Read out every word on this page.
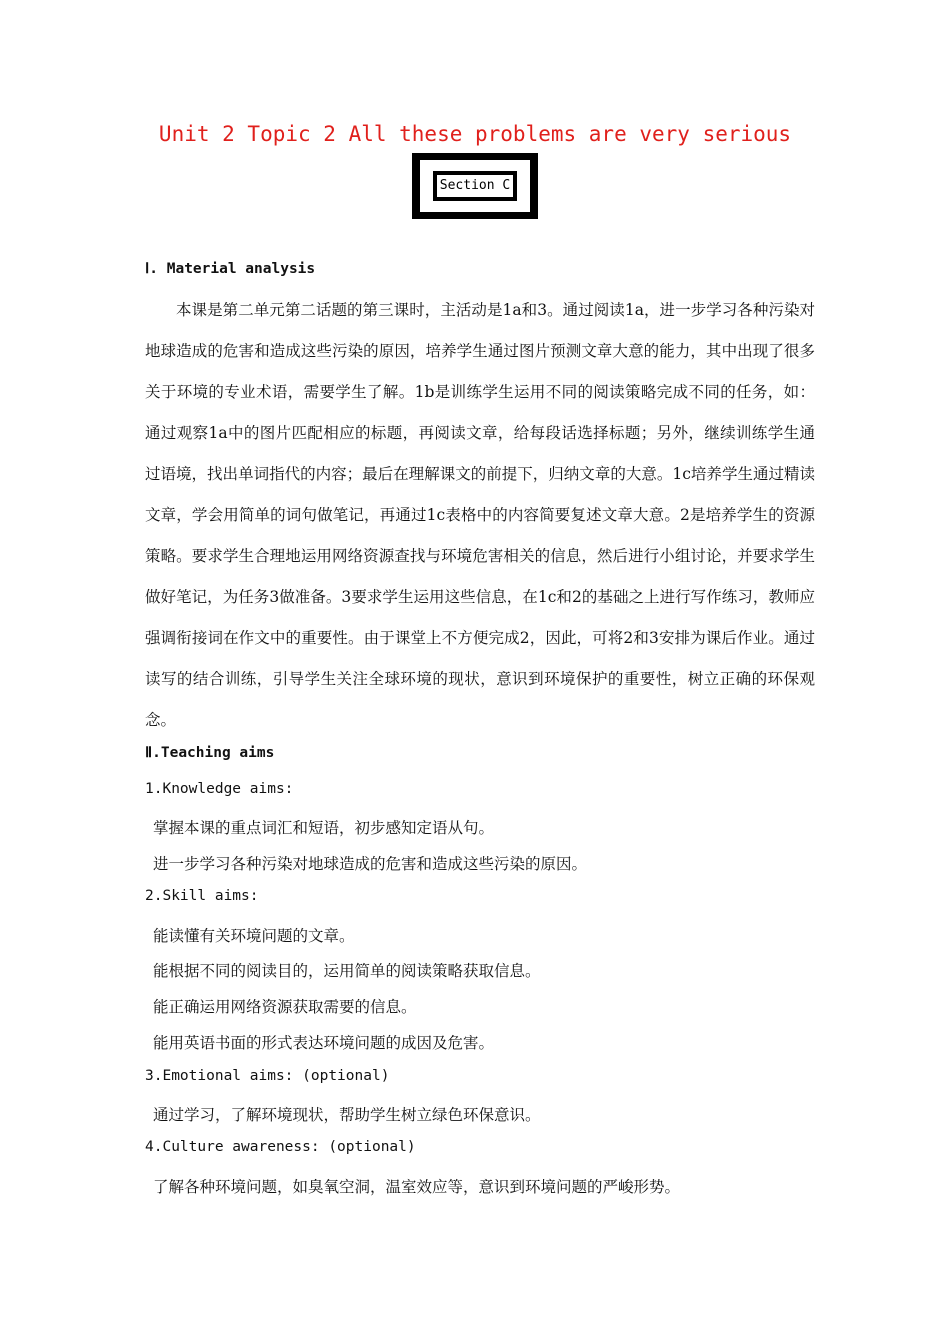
Unit 2 Topic 2 All these problems are very serious
Section C
Ⅰ. Material analysis

本课是第二单元第二话题的第三课时，主活动是1a和3。通过阅读1a，进一步学习各种污染对地球造成的危害和造成这些污染的原因，培养学生通过图片预测文章大意的能力，其中出现了很多关于环境的专业术语，需要学生了解。1b是训练学生运用不同的阅读策略完成不同的任务，如：通过观察1a中的图片匹配相应的标题，再阅读文章，给每段话选择标题；另外，继续训练学生通过语境，找出单词指代的内容；最后在理解课文的前提下，归纳文章的大意。1c培养学生通过精读文章，学会用简单的词句做笔记，再通过1c表格中的内容简要复述文章大意。2是培养学生的资源策略。要求学生合理地运用网络资源查找与环境危害相关的信息，然后进行小组讨论，并要求学生做好笔记，为任务3做准备。3要求学生运用这些信息，在1c和2的基础之上进行写作练习，教师应强调衔接词在作文中的重要性。由于课堂上不方便完成2，因此，可将2和3安排为课后作业。通过读写的结合训练，引导学生关注全球环境的现状，意识到环境保护的重要性，树立正确的环保观念。

Ⅱ.Teaching aims
1.Knowledge aims:
掌握本课的重点词汇和短语，初步感知定语从句。
进一步学习各种污染对地球造成的危害和造成这些污染的原因。
2.Skill aims:
能读懂有关环境问题的文章。
能根据不同的阅读目的，运用简单的阅读策略获取信息。
能正确运用网络资源获取需要的信息。
能用英语书面的形式表达环境问题的成因及危害。
3.Emotional aims: (optional)
通过学习，了解环境现状，帮助学生树立绿色环保意识。
4.Culture awareness: (optional)
了解各种环境问题，如臭氧空洞，温室效应等，意识到环境问题的严峻形势。
